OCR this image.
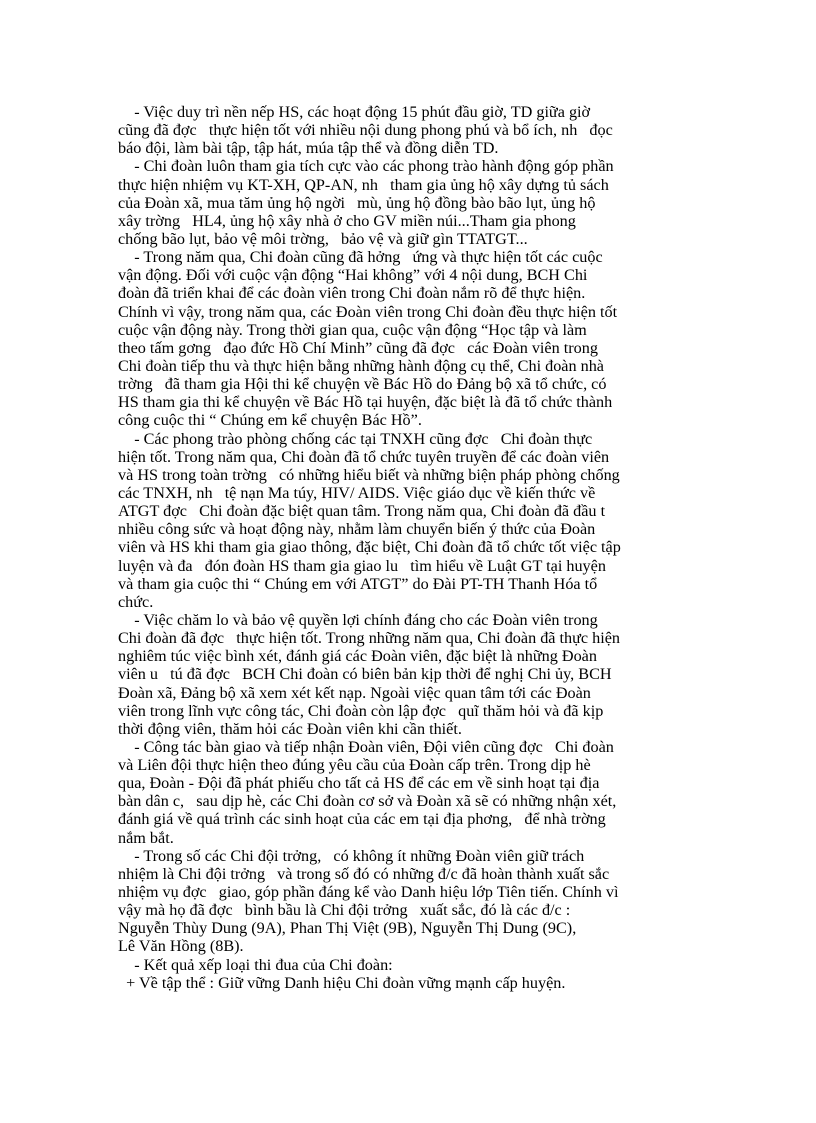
- Việc duy trì nền nếp HS, các hoạt động 15 phút đầu giờ, TD giữa giờ
cũng đã đợc   thực hiện tốt với nhiều nội dung phong phú và bổ ích, nh   đọc
báo đội, làm bài tập, tập hát, múa tập thể và đồng diễn TD.
- Chi đoàn luôn tham gia tích cực vào các phong trào hành động góp phần
thực hiện nhiệm vụ KT-XH, QP-AN, nh   tham gia ủng hộ xây dựng tủ sách
của Đoàn xã, mua tăm ủng hộ ngời   mù, ủng hộ đồng bào bão lụt, ủng hộ
xây trờng   HL4, ủng hộ xây nhà ở cho GV miền núi...Tham gia phong
chống bão lụt, bảo vệ môi trờng,   bảo vệ và giữ gìn TTATGT...
- Trong năm qua, Chi đoàn cũng đã hởng   ứng và thực hiện tốt các cuộc
vận động. Đối với cuộc vận động “Hai không” với 4 nội dung, BCH Chi
đoàn đã triển khai để các đoàn viên trong Chi đoàn nắm rõ để thực hiện.
Chính vì vậy, trong năm qua, các Đoàn viên trong Chi đoàn đều thực hiện tốt
cuộc vận động này. Trong thời gian qua, cuộc vận động “Học tập và làm
theo tấm gơng   đạo đức Hồ Chí Minh” cũng đã đợc   các Đoàn viên trong
Chi đoàn tiếp thu và thực hiện bằng những hành động cụ thể, Chi đoàn nhà
trờng   đã tham gia Hội thi kể chuyện về Bác Hồ do Đảng bộ xã tổ chức, có
HS tham gia thi kể chuyện về Bác Hồ tại huyện, đặc biệt là đã tổ chức thành
công cuộc thi “ Chúng em kể chuyện Bác Hồ”.
- Các phong trào phòng chống các tại TNXH cũng đợc   Chi đoàn thực
hiện tốt. Trong năm qua, Chi đoàn đã tổ chức tuyên truyền để các đoàn viên
và HS trong toàn trờng   có những hiểu biết và những biện pháp phòng chống
các TNXH, nh   tệ nạn Ma túy, HIV/ AIDS. Việc giáo dục về kiến thức về
ATGT đợc   Chi đoàn đặc biệt quan tâm. Trong năm qua, Chi đoàn đã đầu t
nhiều công sức và hoạt động này, nhằm làm chuyển biến ý thức của Đoàn
viên và HS khi tham gia giao thông, đặc biệt, Chi đoàn đã tổ chức tốt việc tập
luyện và đa   đón đoàn HS tham gia giao lu   tìm hiểu về Luật GT tại huyện
và tham gia cuộc thi “ Chúng em với ATGT” do Đài PT-TH Thanh Hóa tổ
chức.
- Việc chăm lo và bảo vệ quyền lợi chính đáng cho các Đoàn viên trong
Chi đoàn đã đợc   thực hiện tốt. Trong những năm qua, Chi đoàn đã thực hiện
nghiêm túc việc bình xét, đánh giá các Đoàn viên, đặc biệt là những Đoàn
viên u   tú đã đợc   BCH Chi đoàn có biên bản kịp thời để nghị Chi ủy, BCH
Đoàn xã, Đảng bộ xã xem xét kết nạp. Ngoài việc quan tâm tới các Đoàn
viên trong lĩnh vực công tác, Chi đoàn còn lập đợc   quĩ thăm hỏi và đã kịp
thời động viên, thăm hỏi các Đoàn viên khi cần thiết.
- Công tác bàn giao và tiếp nhận Đoàn viên, Đội viên cũng đợc   Chi đoàn
và Liên đội thực hiện theo đúng yêu cầu của Đoàn cấp trên. Trong dịp hè
qua, Đoàn - Đội đã phát phiếu cho tất cả HS để các em về sinh hoạt tại địa
bàn dân c,   sau dịp hè, các Chi đoàn cơ sở và Đoàn xã sẽ có những nhận xét,
đánh giá về quá trình các sinh hoạt của các em tại địa phơng,   để nhà trờng
nắm bắt.
- Trong số các Chi đội trởng,   có không ít những Đoàn viên giữ trách
nhiệm là Chi đội trởng   và trong số đó có những đ/c đã hoàn thành xuất sắc
nhiệm vụ đợc   giao, góp phần đáng kể vào Danh hiệu lớp Tiên tiến. Chính vì
vậy mà họ đã đợc   bình bầu là Chi đội trởng   xuất sắc, đó là các đ/c :
Nguyễn Thùy Dung (9A), Phan Thị Việt (9B), Nguyễn Thị Dung (9C),
Lê Văn Hồng (8B).
- Kết quả xếp loại thi đua của Chi đoàn:
+ Về tập thể : Giữ vững Danh hiệu Chi đoàn vững mạnh cấp huyện.
